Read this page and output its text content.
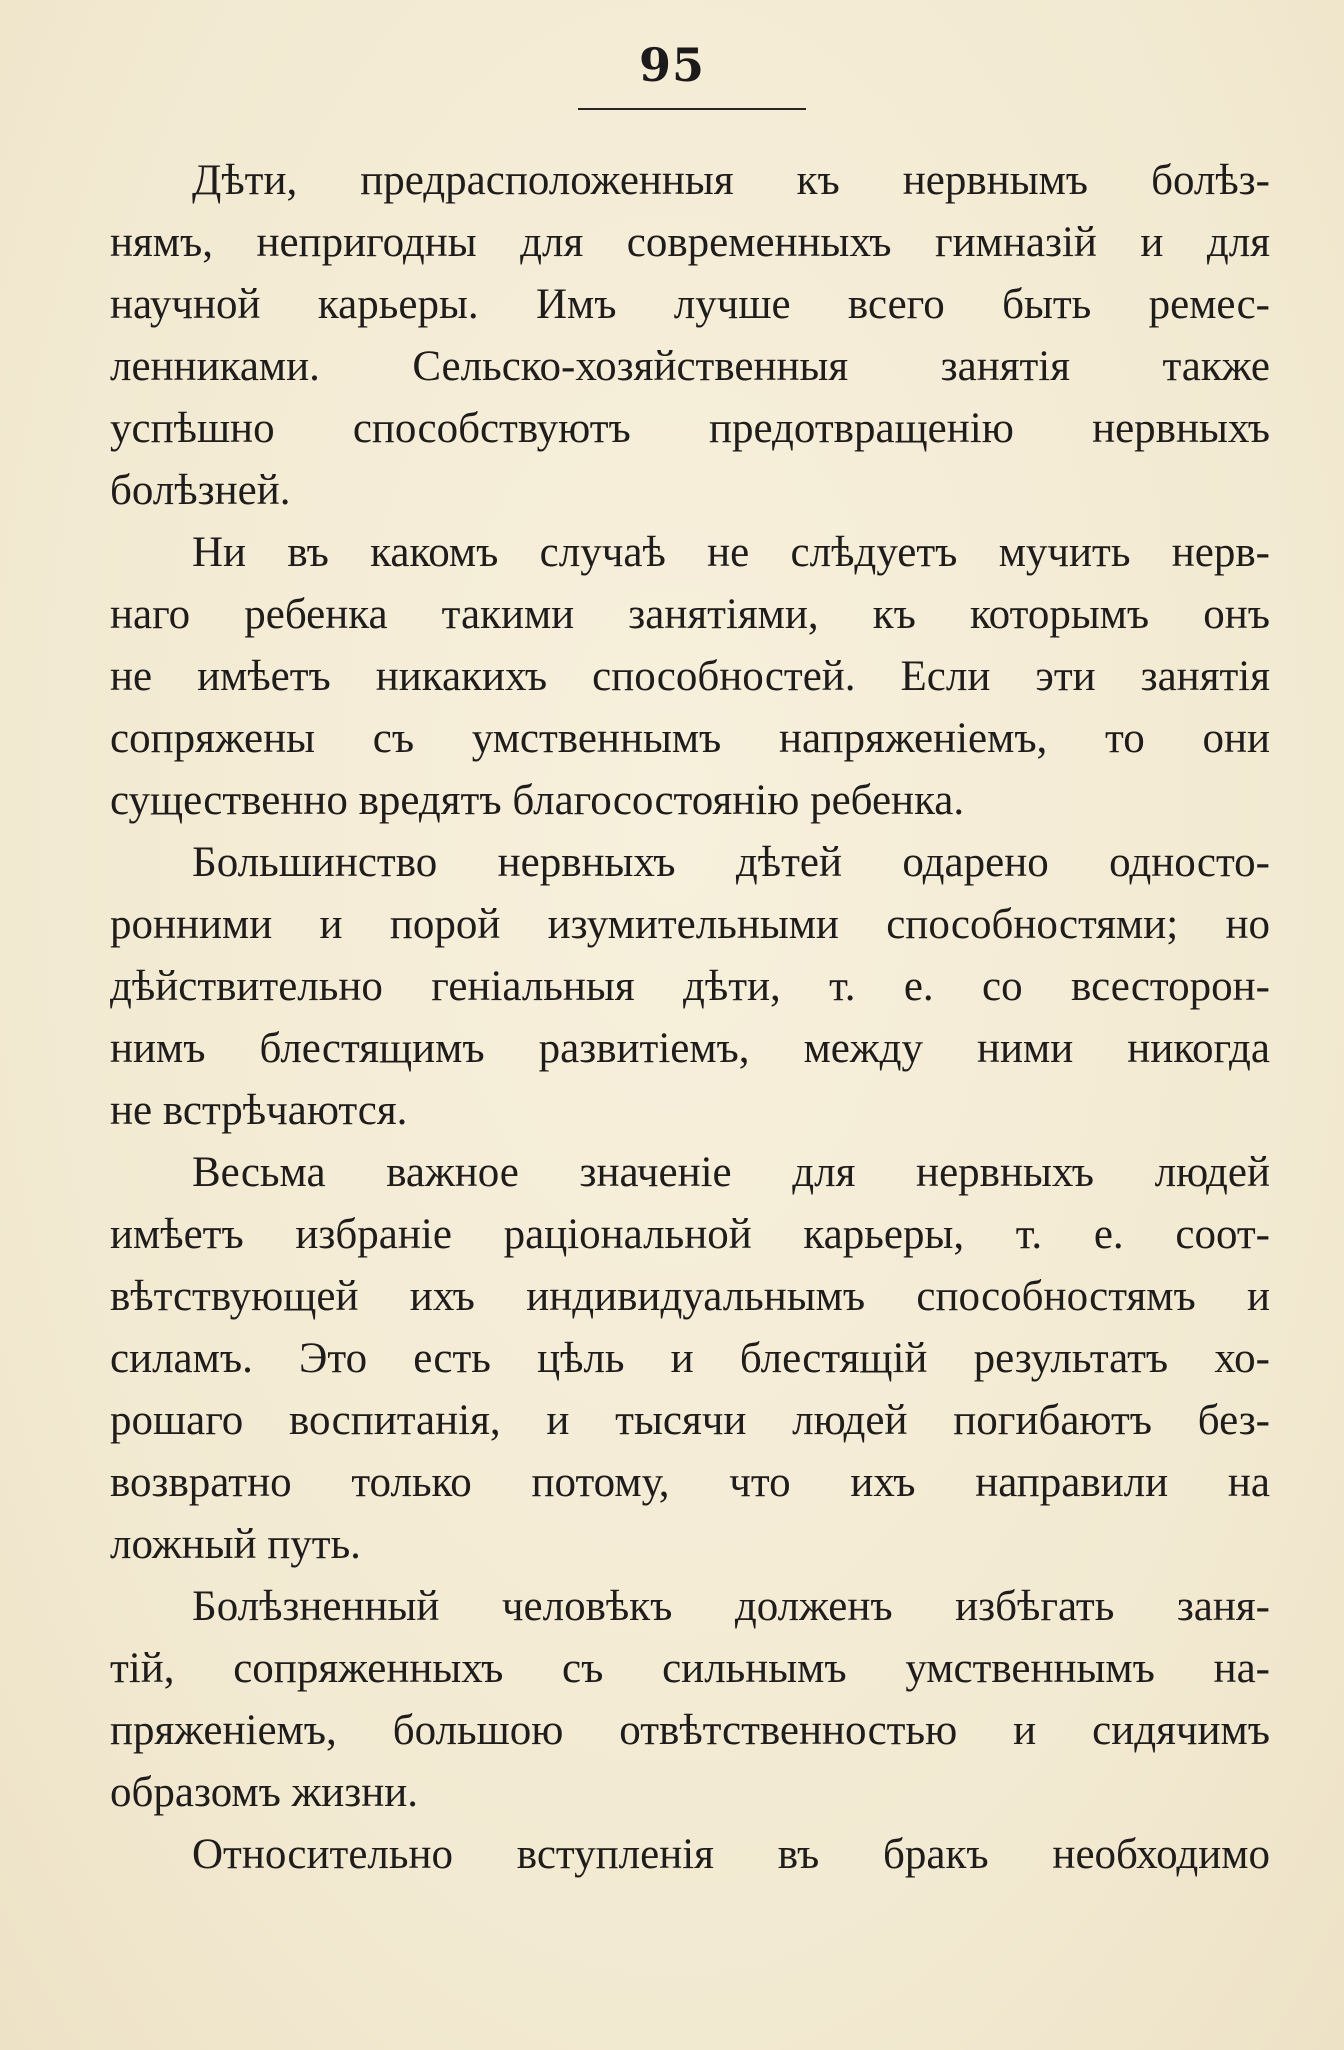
95
Дѣти, предрасположенныя къ нервнымъ болѣз-
нямъ, непригодны для современныхъ гимназій и для
научной карьеры. Имъ лучше всего быть ремес-
ленниками. Сельско-хозяйственныя занятія также
успѣшно способствуютъ предотвращенію нервныхъ
болѣзней.
Ни въ какомъ случаѣ не слѣдуетъ мучить нерв-
наго ребенка такими занятіями, къ которымъ онъ
не имѣетъ никакихъ способностей. Если эти занятія
сопряжены съ умственнымъ напряженіемъ, то они
существенно вредятъ благосостоянію ребенка.
Большинство нервныхъ дѣтей одарено односто-
ронними и порой изумительными способностями; но
дѣйствительно геніальныя дѣти, т. е. со всесторон-
нимъ блестящимъ развитіемъ, между ними никогда
не встрѣчаются.
Весьма важное значеніе для нервныхъ людей
имѣетъ избраніе раціональной карьеры, т. е. соот-
вѣтствующей ихъ индивидуальнымъ способностямъ и
силамъ. Это есть цѣль и блестящій результатъ хо-
рошаго воспитанія, и тысячи людей погибаютъ без-
возвратно только потому, что ихъ направили на
ложный путь.
Болѣзненный человѣкъ долженъ избѣгать заня-
тій, сопряженныхъ съ сильнымъ умственнымъ на-
пряженіемъ, большою отвѣтственностью и сидячимъ
образомъ жизни.
Относительно вступленія въ бракъ необходимо
